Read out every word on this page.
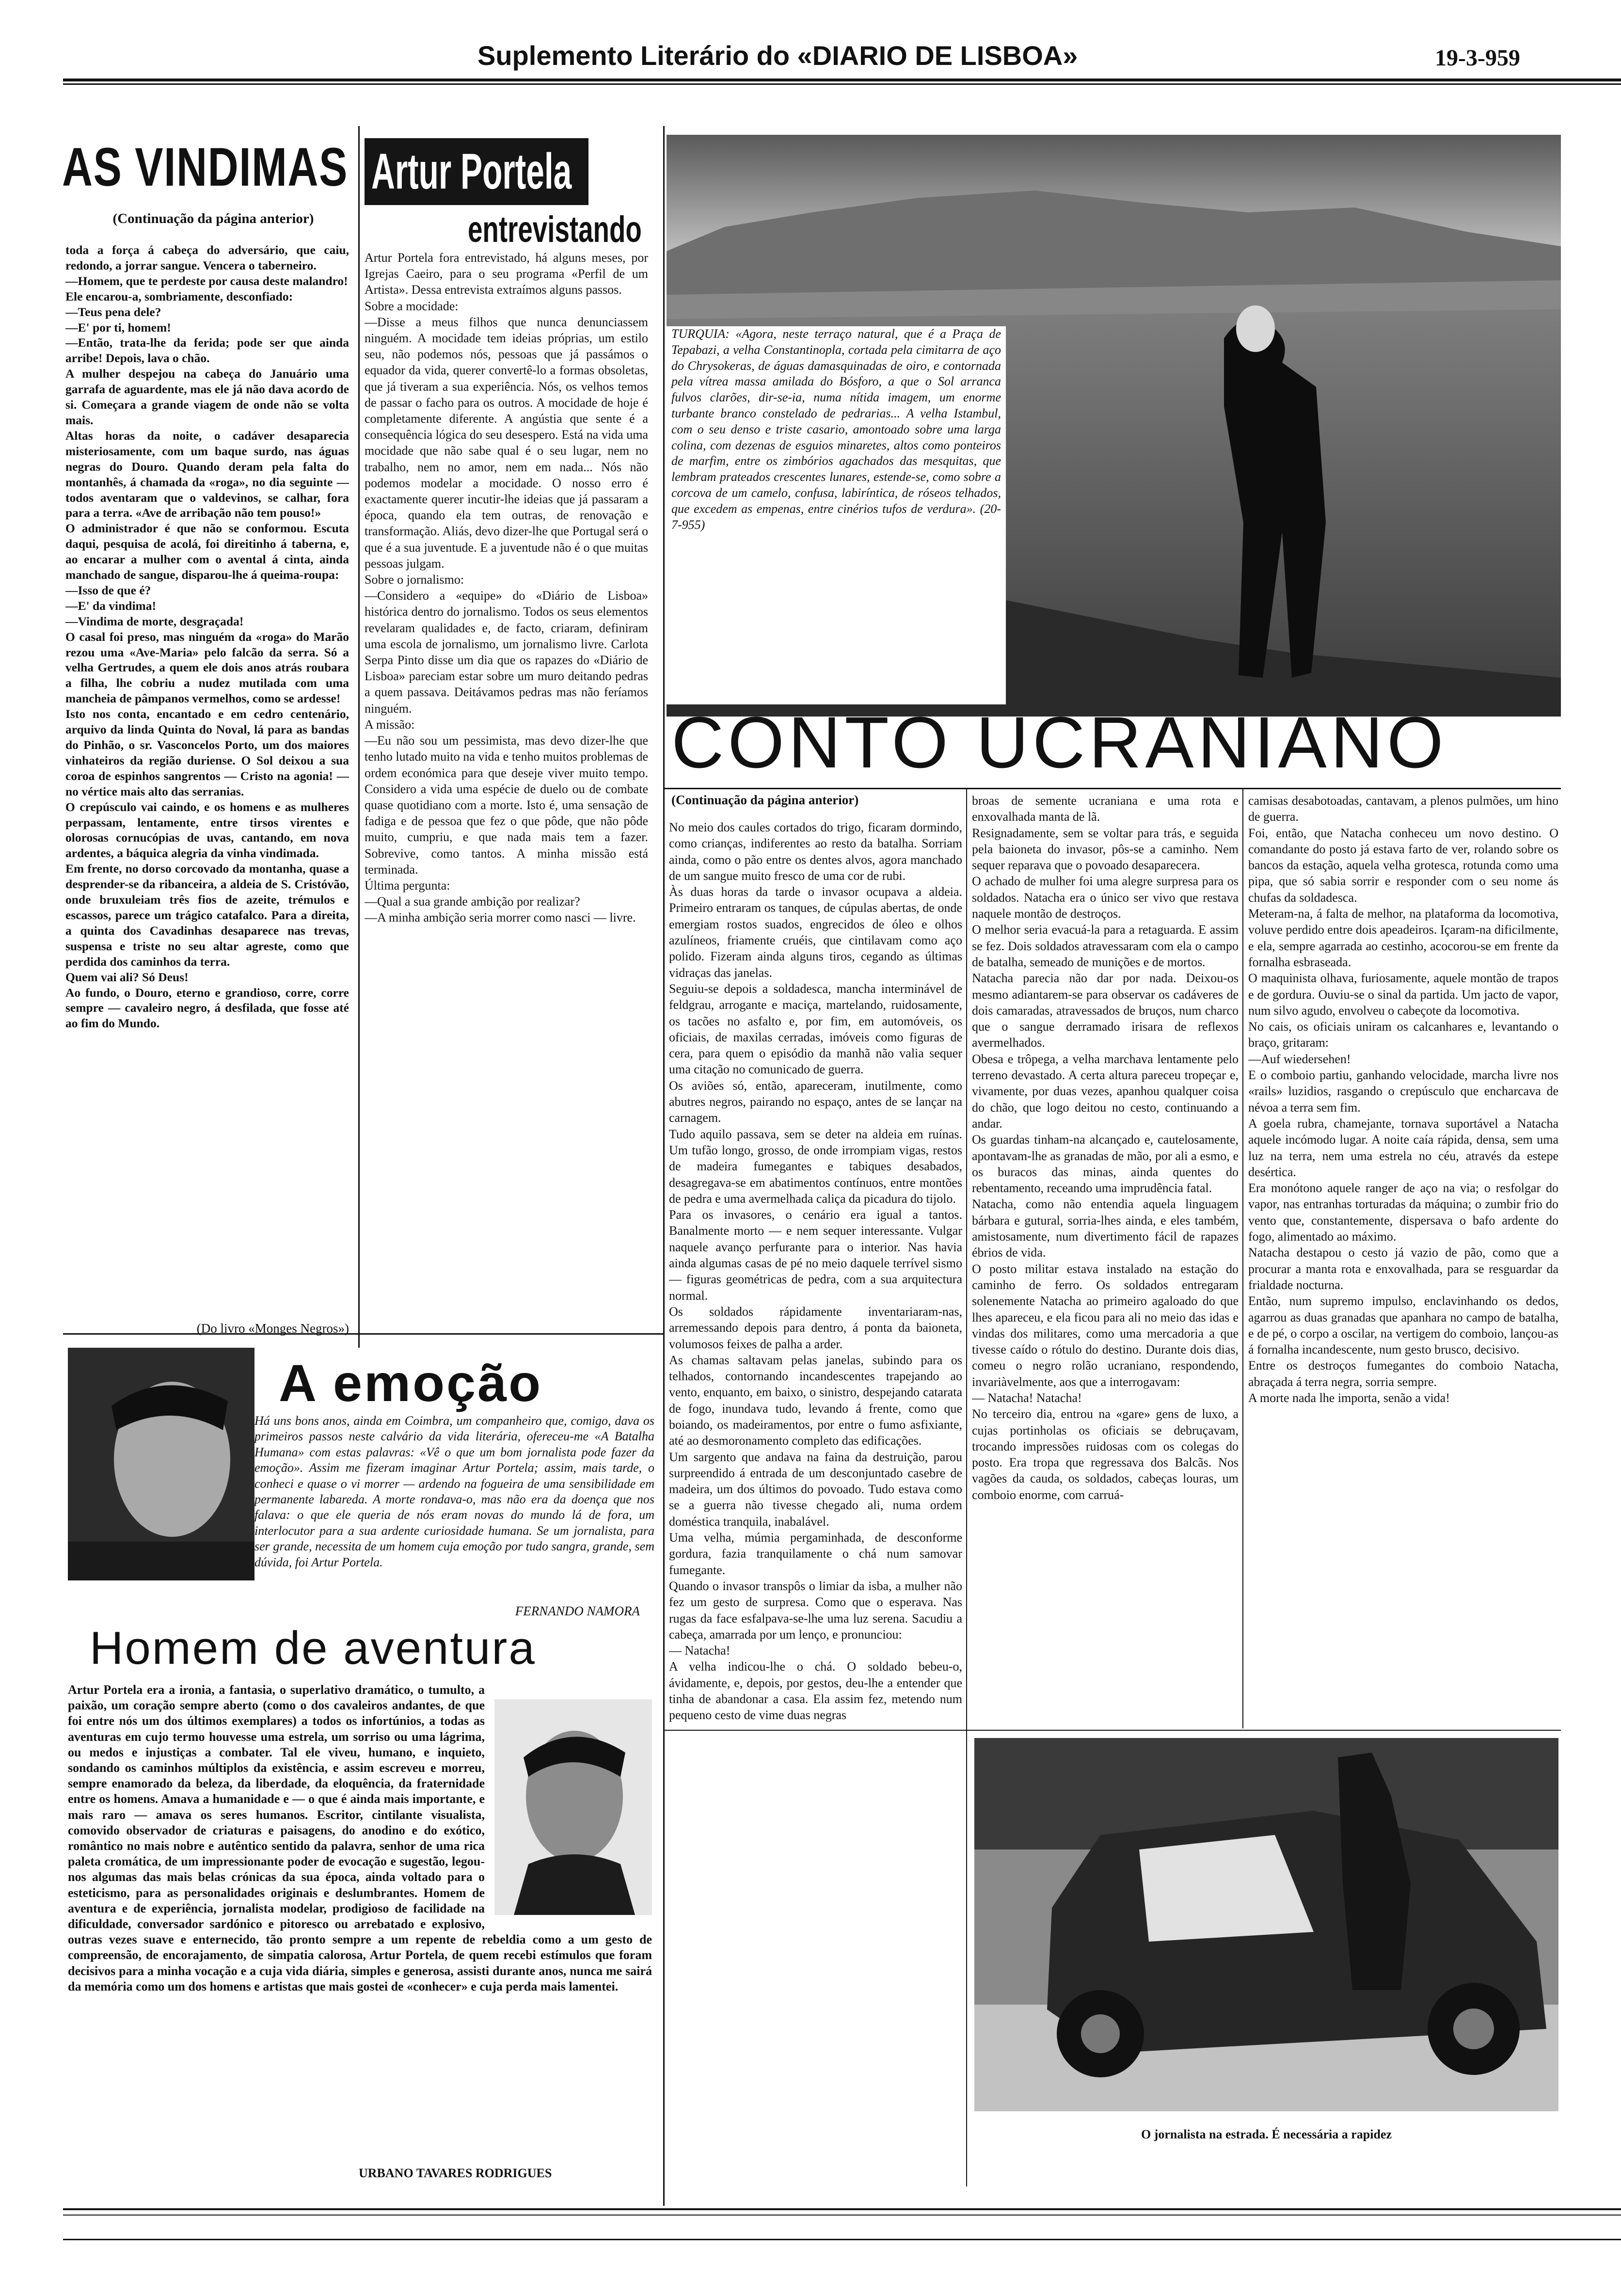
Suplemento Literário do «DIARIO DE LISBOA»	19-3-959
AS VINDIMAS
(Continuação da página anterior)
toda a força á cabeça do adversário, que caiu, redondo, a jorrar sangue. Vencera o taberneiro.
—Homem, que te perdeste por causa deste malandro!
Ele encarou-a, sombriamente, desconfiado:
—Teus pena dele?
—E' por ti, homem!
—Então, trata-lhe da ferida; pode ser que ainda arribe! Depois, lava o chão.
A mulher despejou na cabeça do Januário uma garrafa de aguardente, mas ele já não dava acordo de si. Começara a grande viagem de onde não se volta mais.
Altas horas da noite, o cadáver desaparecia misteriosamente, com um baque surdo, nas águas negras do Douro. Quando deram pela falta do montanhês, á chamada da «roga», no dia seguinte — todos aventaram que o valdevinos, se calhar, fora para a terra. «Ave de arribação não tem pouso!»
O administrador é que não se conformou. Escuta daqui, pesquisa de acolá, foi direitinho á taberna, e, ao encarar a mulher com o avental á cinta, ainda manchado de sangue, disparou-lhe á queima-roupa:
—Isso de que é?
—E' da vindima!
—Vindima de morte, desgraçada!
O casal foi preso, mas ninguém da «roga» do Marão rezou uma «Ave-Maria» pelo falcão da serra. Só a velha Gertrudes, a quem ele dois anos atrás roubara a filha, lhe cobriu a nudez mutilada com uma mancheia de pâmpanos vermelhos, como se ardesse!
Isto nos conta, encantado e em cedro centenário, arquivo da linda Quinta do Noval, lá para as bandas do Pinhão, o sr. Vasconcelos Porto, um dos maiores vinhateiros da região duriense. O Sol deixou a sua coroa de espinhos sangrentos — Cristo na agonia! — no vértice mais alto das serranias.
O crepúsculo vai caindo, e os homens e as mulheres perpassam, lentamente, entre tirsos virentes e olorosas cornucópias de uvas, cantando, em nova ardentes, a báquica alegria da vinha vindimada.
Em frente, no dorso corcovado da montanha, quase a desprender-se da ribanceira, a aldeia de S. Cristóvão, onde bruxuleiam três fios de azeite, trémulos e escassos, parece um trágico catafalco. Para a direita, a quinta dos Cavadinhas desaparece nas trevas, suspensa e triste no seu altar agreste, como que perdida dos caminhos da terra.
Quem vai ali? Só Deus!
Ao fundo, o Douro, eterno e grandioso, corre, corre sempre — cavaleiro negro, á desfilada, que fosse até ao fim do Mundo.
(Do livro «Monges Negros»)
Artur Portela
entrevistando
Artur Portela fora entrevistado, há alguns meses, por Igrejas Caeiro, para o seu programa «Perfil de um Artista». Dessa entrevista extraímos alguns passos.
Sobre a mocidade:
—Disse a meus filhos que nunca denunciassem ninguém. A mocidade tem ideias próprias, um estilo seu, não podemos nós, pessoas que já passámos o equador da vida, querer convertê-lo a formas obsoletas, que já tiveram a sua experiência. Nós, os velhos temos de passar o facho para os outros. A mocidade de hoje é completamente diferente. A angústia que sente é a consequência lógica do seu desespero. Está na vida uma mocidade que não sabe qual é o seu lugar, nem no trabalho, nem no amor, nem em nada... Nós não podemos modelar a mocidade. O nosso erro é exactamente querer incutir-lhe ideias que já passaram a época, quando ela tem outras, de renovação e transformação. Aliás, devo dizer-lhe que Portugal será o que é a sua juventude. E a juventude não é o que muitas pessoas julgam.
Sobre o jornalismo:
—Considero a «equipe» do «Diário de Lisboa» histórica dentro do jornalismo. Todos os seus elementos revelaram qualidades e, de facto, criaram, definiram uma escola de jornalismo, um jornalismo livre. Carlota Serpa Pinto disse um dia que os rapazes do «Diário de Lisboa» pareciam estar sobre um muro deitando pedras a quem passava. Deitávamos pedras mas não feríamos ninguém.
A missão:
—Eu não sou um pessimista, mas devo dizer-lhe que tenho lutado muito na vida e tenho muitos problemas de ordem económica para que deseje viver muito tempo. Considero a vida uma espécie de duelo ou de combate quase quotidiano com a morte. Isto é, uma sensação de fadiga e de pessoa que fez o que pôde, que não pôde muito, cumpriu, e que nada mais tem a fazer. Sobrevive, como tantos. A minha missão está terminada.
Última pergunta:
—Qual a sua grande ambição por realizar?
—A minha ambição seria morrer como nasci — livre.
TURQUIA: «Agora, neste terraço natural, que é a Praça de Tepabazi, a velha Constantinopla, cortada pela cimitarra de aço do Chrysokeras, de águas damasquinadas de oiro, e contornada pela vítrea massa amilada do Bósforo, a que o Sol arranca fulvos clarões, dir-se-ia, numa nítida imagem, um enorme turbante branco constelado de pedrarias... A velha Istambul, com o seu denso e triste casario, amontoado sobre uma larga colina, com dezenas de esguios minaretes, altos como ponteiros de marfim, entre os zimbórios agachados das mesquitas, que lembram prateados crescentes lunares, estende-se, como sobre a corcova de um camelo, confusa, labiríntica, de róseos telhados, que excedem as empenas, entre cinérios tufos de verdura». (20-7-955)
CONTO UCRANIANO
(Continuação da página anterior)
No meio dos caules cortados do trigo, ficaram dormindo, como crianças, indiferentes ao resto da batalha. Sorriam ainda, como o pão entre os dentes alvos, agora manchado de um sangue muito fresco de uma cor de rubi.
Às duas horas da tarde o invasor ocupava a aldeia. Primeiro entraram os tanques, de cúpulas abertas, de onde emergiam rostos suados, engrecidos de óleo e olhos azulíneos, friamente cruéis, que cintilavam como aço polido. Fizeram ainda alguns tiros, cegando as últimas vidraças das janelas.
Seguiu-se depois a soldadesca, mancha interminável de feldgrau, arrogante e maciça, martelando, ruidosamente, os tacões no asfalto e, por fim, em automóveis, os oficiais, de maxilas cerradas, imóveis como figuras de cera, para quem o episódio da manhã não valia sequer uma citação no comunicado de guerra.
Os aviões só, então, apareceram, inutilmente, como abutres negros, pairando no espaço, antes de se lançar na carnagem.
Tudo aquilo passava, sem se deter na aldeia em ruínas. Um tufão longo, grosso, de onde irrompiam vigas, restos de madeira fumegantes e tabiques desabados, desagregava-se em abatimentos contínuos, entre montões de pedra e uma avermelhada caliça da picadura do tijolo.
Para os invasores, o cenário era igual a tantos. Banalmente morto — e nem sequer interessante. Vulgar naquele avanço perfurante para o interior. Nas havia ainda algumas casas de pé no meio daquele terrível sismo — figuras geométricas de pedra, com a sua arquitectura normal.
Os soldados rápidamente inventariaram-nas, arremessando depois para dentro, á ponta da baioneta, volumosos feixes de palha a arder.
As chamas saltavam pelas janelas, subindo para os telhados, contornando incandescentes trapejando ao vento, enquanto, em baixo, o sinistro, despejando catarata de fogo, inundava tudo, levando á frente, como que boiando, os madeiramentos, por entre o fumo asfixiante, até ao desmoronamento completo das edificações.
Um sargento que andava na faina da destruição, parou surpreendido á entrada de um desconjuntado casebre de madeira, um dos últimos do povoado. Tudo estava como se a guerra não tivesse chegado ali, numa ordem doméstica tranquila, inabalável.
Uma velha, múmia pergaminhada, de desconforme gordura, fazia tranquilamente o chá num samovar fumegante.
Quando o invasor transpôs o limiar da isba, a mulher não fez um gesto de surpresa. Como que o esperava. Nas rugas da face esfalpava-se-lhe uma luz serena. Sacudiu a cabeça, amarrada por um lenço, e pronunciou:
— Natacha!
A velha indicou-lhe o chá. O soldado bebeu-o, ávidamente, e, depois, por gestos, deu-lhe a entender que tinha de abandonar a casa. Ela assim fez, metendo num pequeno cesto de vime duas negras
broas de semente ucraniana e uma rota e enxovalhada manta de lã.
Resignadamente, sem se voltar para trás, e seguida pela baioneta do invasor, pôs-se a caminho. Nem sequer reparava que o povoado desaparecera.
O achado de mulher foi uma alegre surpresa para os soldados. Natacha era o único ser vivo que restava naquele montão de destroços.
O melhor seria evacuá-la para a retaguarda. E assim se fez. Dois soldados atravessaram com ela o campo de batalha, semeado de munições e de mortos.
Natacha parecia não dar por nada. Deixou-os mesmo adiantarem-se para observar os cadáveres de dois camaradas, atravessados de bruços, num charco que o sangue derramado irisara de reflexos avermelhados.
Obesa e trôpega, a velha marchava lentamente pelo terreno devastado. A certa altura pareceu tropeçar e, vivamente, por duas vezes, apanhou qualquer coisa do chão, que logo deitou no cesto, continuando a andar.
Os guardas tinham-na alcançado e, cautelosamente, apontavam-lhe as granadas de mão, por ali a esmo, e os buracos das minas, ainda quentes do rebentamento, receando uma imprudência fatal.
Natacha, como não entendia aquela linguagem bárbara e gutural, sorria-lhes ainda, e eles também, amistosamente, num divertimento fácil de rapazes ébrios de vida.
O posto militar estava instalado na estação do caminho de ferro. Os soldados entregaram solenemente Natacha ao primeiro agaloado do que lhes apareceu, e ela ficou para ali no meio das idas e vindas dos militares, como uma mercadoria a que tivesse caído o rótulo do destino. Durante dois dias, comeu o negro rolão ucraniano, respondendo, invariàvelmente, aos que a interrogavam:
— Natacha! Natacha!
No terceiro dia, entrou na «gare» gens de luxo, a cujas portinholas os oficiais se debruçavam, trocando impressões ruidosas com os colegas do posto. Era tropa que regressava dos Balcãs. Nos vagões da cauda, os soldados, cabeças louras, um comboio enorme, com carruá-
camisas desabotoadas, cantavam, a plenos pulmões, um hino de guerra.
Foi, então, que Natacha conheceu um novo destino. O comandante do posto já estava farto de ver, rolando sobre os bancos da estação, aquela velha grotesca, rotunda como uma pipa, que só sabia sorrir e responder com o seu nome ás chufas da soldadesca.
Meteram-na, á falta de melhor, na plataforma da locomotiva, voluve perdido entre dois apeadeiros. Içaram-na dificilmente, e ela, sempre agarrada ao cestinho, acocorou-se em frente da fornalha esbraseada.
O maquinista olhava, furiosamente, aquele montão de trapos e de gordura. Ouviu-se o sinal da partida. Um jacto de vapor, num silvo agudo, envolveu o cabeçote da locomotiva.
No cais, os oficiais uniram os calcanhares e, levantando o braço, gritaram:
—Auf wiedersehen!
E o comboio partiu, ganhando velocidade, marcha livre nos «rails» luzidios, rasgando o crepúsculo que encharcava de névoa a terra sem fim.
A goela rubra, chamejante, tornava suportável a Natacha aquele incómodo lugar. A noite caía rápida, densa, sem uma luz na terra, nem uma estrela no céu, através da estepe desértica.
Era monótono aquele ranger de aço na via; o resfolgar do vapor, nas entranhas torturadas da máquina; o zumbir frio do vento que, constantemente, dispersava o bafo ardente do fogo, alimentado ao máximo.
Natacha destapou o cesto já vazio de pão, como que a procurar a manta rota e enxovalhada, para se resguardar da frialdade nocturna.
Então, num supremo impulso, enclavinhando os dedos, agarrou as duas granadas que apanhara no campo de batalha, e de pé, o corpo a oscilar, na vertigem do comboio, lançou-as á fornalha incandescente, num gesto brusco, decisivo.
Entre os destroços fumegantes do comboio Natacha, abraçada á terra negra, sorria sempre.
A morte nada lhe importa, senão a vida!
O jornalista na estrada. É necessária a rapidez
A emoção
Há uns bons anos, ainda em Coimbra, um companheiro que, comigo, dava os primeiros passos neste calvário da vida literária, ofereceu-me «A Batalha Humana» com estas palavras: «Vê o que um bom jornalista pode fazer da emoção». Assim me fizeram imaginar Artur Portela; assim, mais tarde, o conheci e quase o vi morrer — ardendo na fogueira de uma sensibilidade em permanente labareda. A morte rondava-o, mas não era da doença que nos falava: o que ele queria de nós eram novas do mundo lá de fora, um interlocutor para a sua ardente curiosidade humana. Se um jornalista, para ser grande, necessita de um homem cuja emoção por tudo sangra, grande, sem dúvida, foi Artur Portela.
FERNANDO NAMORA
Homem de aventura
Artur Portela era a ironia, a fantasia, o superlativo dramático, o tumulto, a paixão, um coração sempre aberto (como o dos cavaleiros andantes, de que foi entre nós um dos últimos exemplares) a todos os infortúnios, a todas as aventuras em cujo termo houvesse uma estrela, um sorriso ou uma lágrima, ou medos e injustiças a combater. Tal ele viveu, humano, e inquieto, sondando os caminhos múltiplos da existência, e assim escreveu e morreu, sempre enamorado da beleza, da liberdade, da eloquência, da fraternidade entre os homens. Amava a humanidade e — o que é ainda mais importante, e mais raro — amava os seres humanos. Escritor, cintilante visualista, comovido observador de criaturas e paisagens, do anodino e do exótico, romântico no mais nobre e autêntico sentido da palavra, senhor de uma rica paleta cromática, de um impressionante poder de evocação e sugestão, legou-nos algumas das mais belas crónicas da sua época, ainda voltado para o esteticismo, para as personalidades originais e deslumbrantes. Homem de aventura e de experiência, jornalista modelar, prodigioso de facilidade na dificuldade, conversador sardónico e pitoresco ou arrebatado e explosivo, outras vezes suave e enternecido, tão pronto sempre a um repente de rebeldia como a um gesto de compreensão, de encorajamento, de simpatia calorosa, Artur Portela, de quem recebi estímulos que foram decisivos para a minha vocação e a cuja vida diária, simples e generosa, assisti durante anos, nunca me sairá da memória como um dos homens e artistas que mais gostei de «conhecer» e cuja perda mais lamentei.
URBANO TAVARES RODRIGUES
